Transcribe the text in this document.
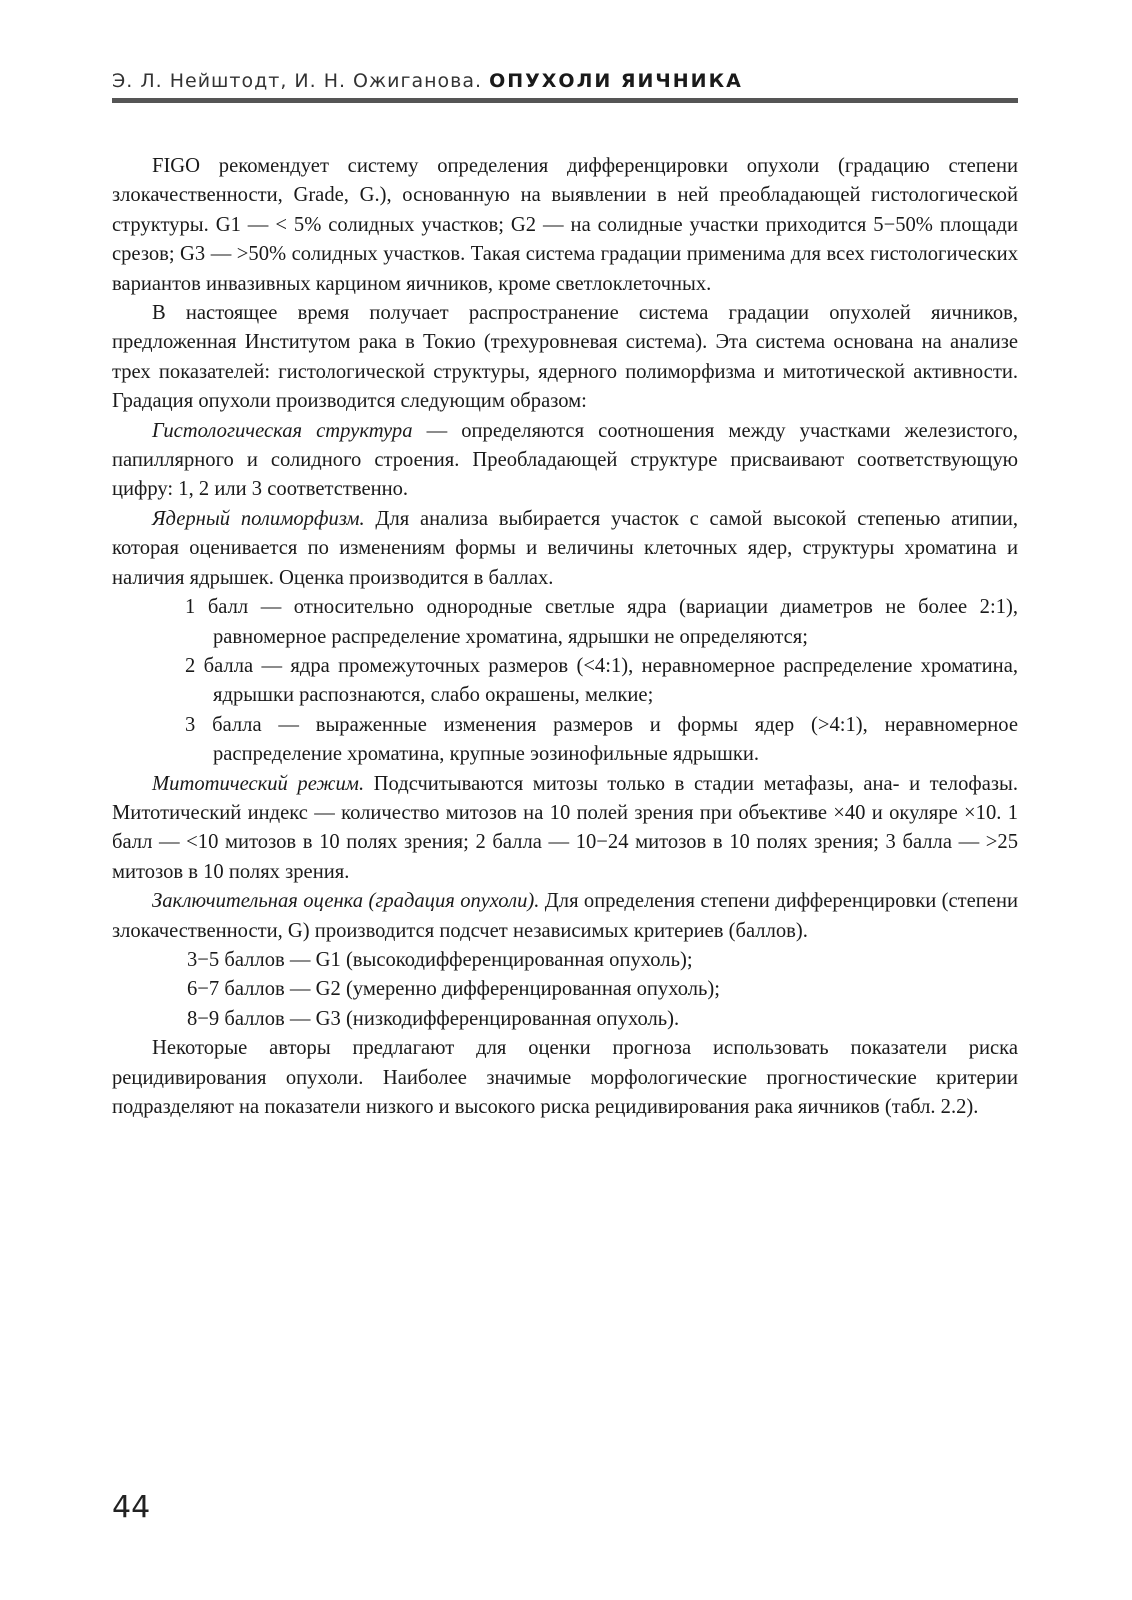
Э. Л. Нейштодт, И. Н. Ожиганова. ОПУХОЛИ ЯИЧНИКА

FIGO рекомендует систему определения дифференцировки опухоли (градацию степени злокачественности, Grade, G.), основанную на выявлении в ней преобладающей гистологической структуры. G1 — < 5% солидных участков; G2 — на солидные участки приходится 5−50% площади срезов; G3 — >50% солидных участков. Такая система градации применима для всех гистологических вариантов инвазивных карцином яичников, кроме светлоклеточных.

В настоящее время получает распространение система градации опухолей яичников, предложенная Институтом рака в Токио (трехуровневая система). Эта система основана на анализе трех показателей: гистологической структуры, ядерного полиморфизма и митотической активности. Градация опухоли производится следующим образом:

Гистологическая структура — определяются соотношения между участками железистого, папиллярного и солидного строения. Преобладающей структуре присваивают соответствующую цифру: 1, 2 или 3 соответственно.

Ядерный полиморфизм. Для анализа выбирается участок с самой высокой степенью атипии, которая оценивается по изменениям формы и величины клеточных ядер, структуры хроматина и наличия ядрышек. Оценка производится в баллах.

1 балл — относительно однородные светлые ядра (вариации диаметров не более 2:1), равномерное распределение хроматина, ядрышки не определяются;

2 балла — ядра промежуточных размеров (<4:1), неравномерное распределение хроматина, ядрышки распознаются, слабо окрашены, мелкие;

3 балла — выраженные изменения размеров и формы ядер (>4:1), неравномерное распределение хроматина, крупные эозинофильные ядрышки.

Митотический режим. Подсчитываются митозы только в стадии метафазы, ана- и телофазы. Митотический индекс — количество митозов на 10 полей зрения при объективе ×40 и окуляре ×10. 1 балл — <10 митозов в 10 полях зрения; 2 балла — 10−24 митозов в 10 полях зрения; 3 балла — >25 митозов в 10 полях зрения.

Заключительная оценка (градация опухоли). Для определения степени дифференцировки (степени злокачественности, G) производится подсчет независимых критериев (баллов).

3−5 баллов — G1 (высокодифференцированная опухоль);

6−7 баллов — G2 (умеренно дифференцированная опухоль);

8−9 баллов — G3 (низкодифференцированная опухоль).

Некоторые авторы предлагают для оценки прогноза использовать показатели риска рецидивирования опухоли. Наиболее значимые морфологические прогностические критерии подразделяют на показатели низкого и высокого риска рецидивирования рака яичников (табл. 2.2).

44
